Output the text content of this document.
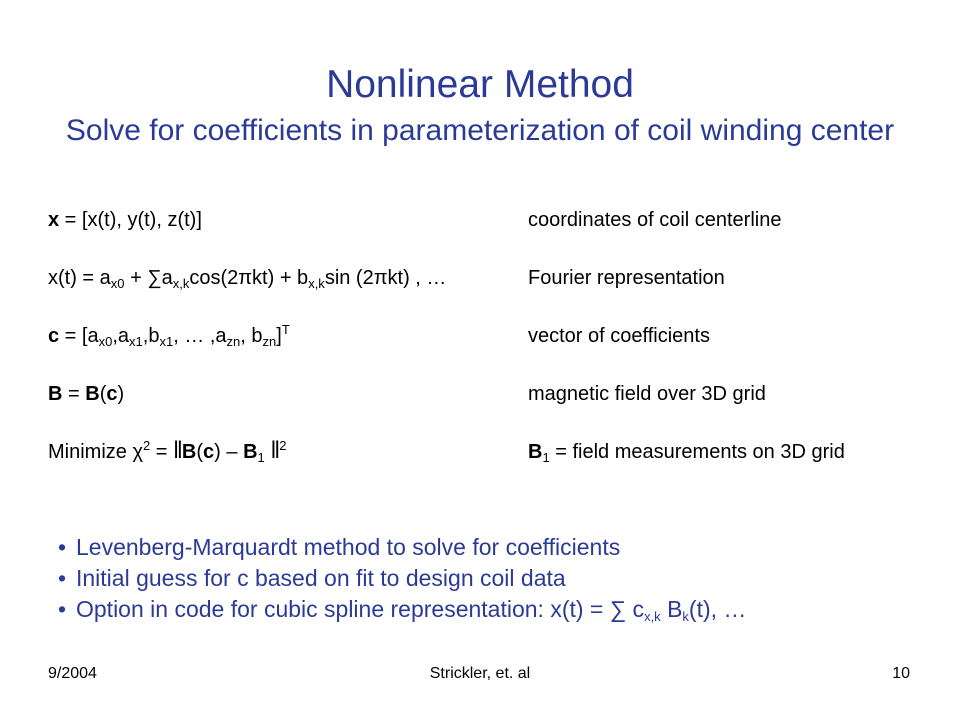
Nonlinear Method
Solve for coefficients in parameterization of coil winding center
x = [x(t), y(t), z(t)]	coordinates of coil centerline
$x(t) = a_{x0} + \sum a_{x,k}\cos(2\pi kt) + b_{x,k}\sin$ (2πkt) , …	Fourier representation
$c = [a_{x0},a_{x1},b_{x1}$, … $,a_{zn}$, $b_{zn}]^T$	vector of coefficients
B = B(c)	magnetic field over 3D grid
Minimize $\chi^2$ = ‖B(c) – $B_1$ ‖$^2$	$B_1$ = field measurements on 3D grid
• Levenberg-Marquardt method to solve for coefficients
• Initial guess for c based on fit to design coil data
• Option in code for cubic spline representation: x(t) = ∑ $c_{x,k}$ $B_k(t)$, …
9/2004	Strickler, et. al	10
